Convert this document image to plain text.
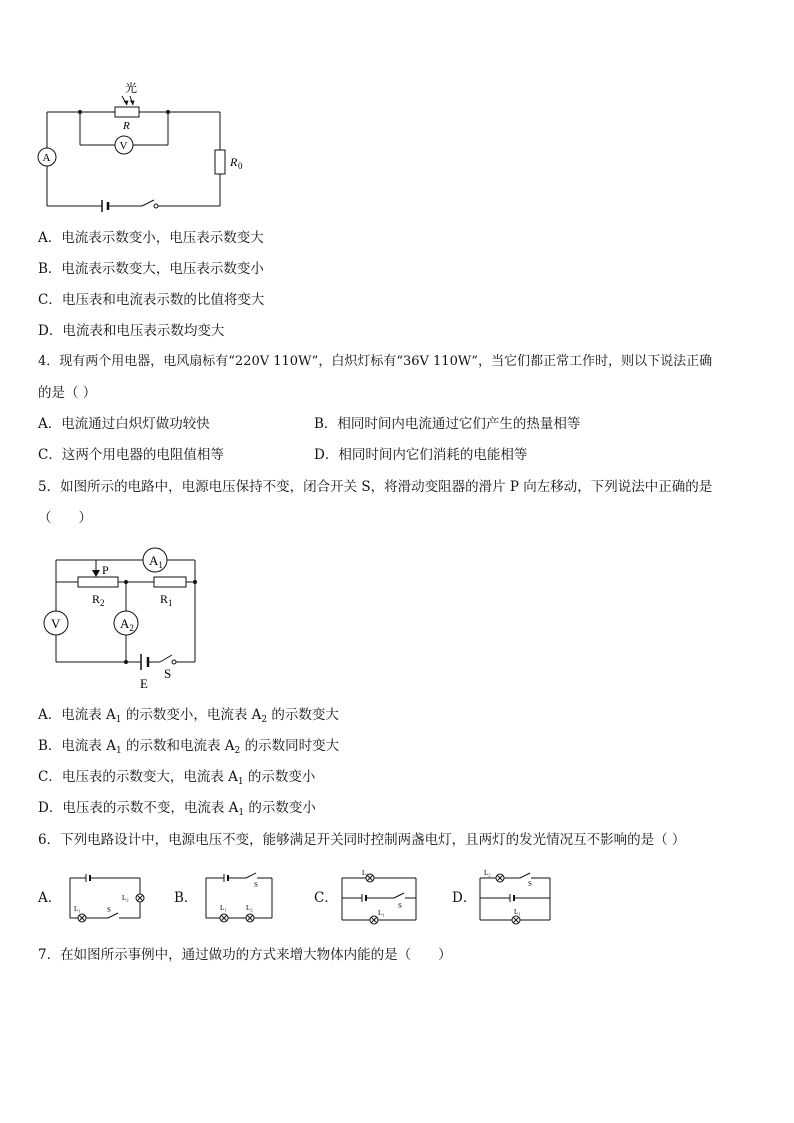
光
R
V
A	R 0
A．电流表示数变小，电压表示数变大
B．电流表示数变大，电压表示数变小
C．电压表和电流表示数的比值将变大
D．电流表和电压表示数均变大
4．现有两个用电器，电风扇标有“220V 110W”，白炽灯标有“36V 110W”，当它们都正常工作时，则以下说法正确
的是（ ）
A．电流通过白炽灯做功较快	B．相同时间内电流通过它们产生的热量相等
C．这两个用电器的电阻值相等	D．相同时间内它们消耗的电能相等
5．如图所示的电路中，电源电压保持不变，闭合开关 S，将滑动变阻器的滑片 P 向左移动，下列说法中正确的是
（　　）
$A_1$
P
$R_2$	$R_1$
V	$A_2$
E
S
A．电流表 $A_1$ 的示数变小，电流表 $A_2$ 的示数变大
B．电流表 $A_1$ 的示数和电流表 $A_2$ 的示数同时变大
C．电压表的示数变大，电流表 $A_1$ 的示数变小
D．电压表的示数不变，电流表 $A_1$ 的示数变小
6．下列电路设计中，电源电压不变，能够满足开关同时控制两盏电灯，且两灯的发光情况互不影响的是（ ）
A．
L₁
L₂
S
B．
L₁	L₂
S
C．
L₂
L₁
S	D．
L₂
L₁
S
7．在如图所示事例中，通过做功的方式来增大物体内能的是（　　）
